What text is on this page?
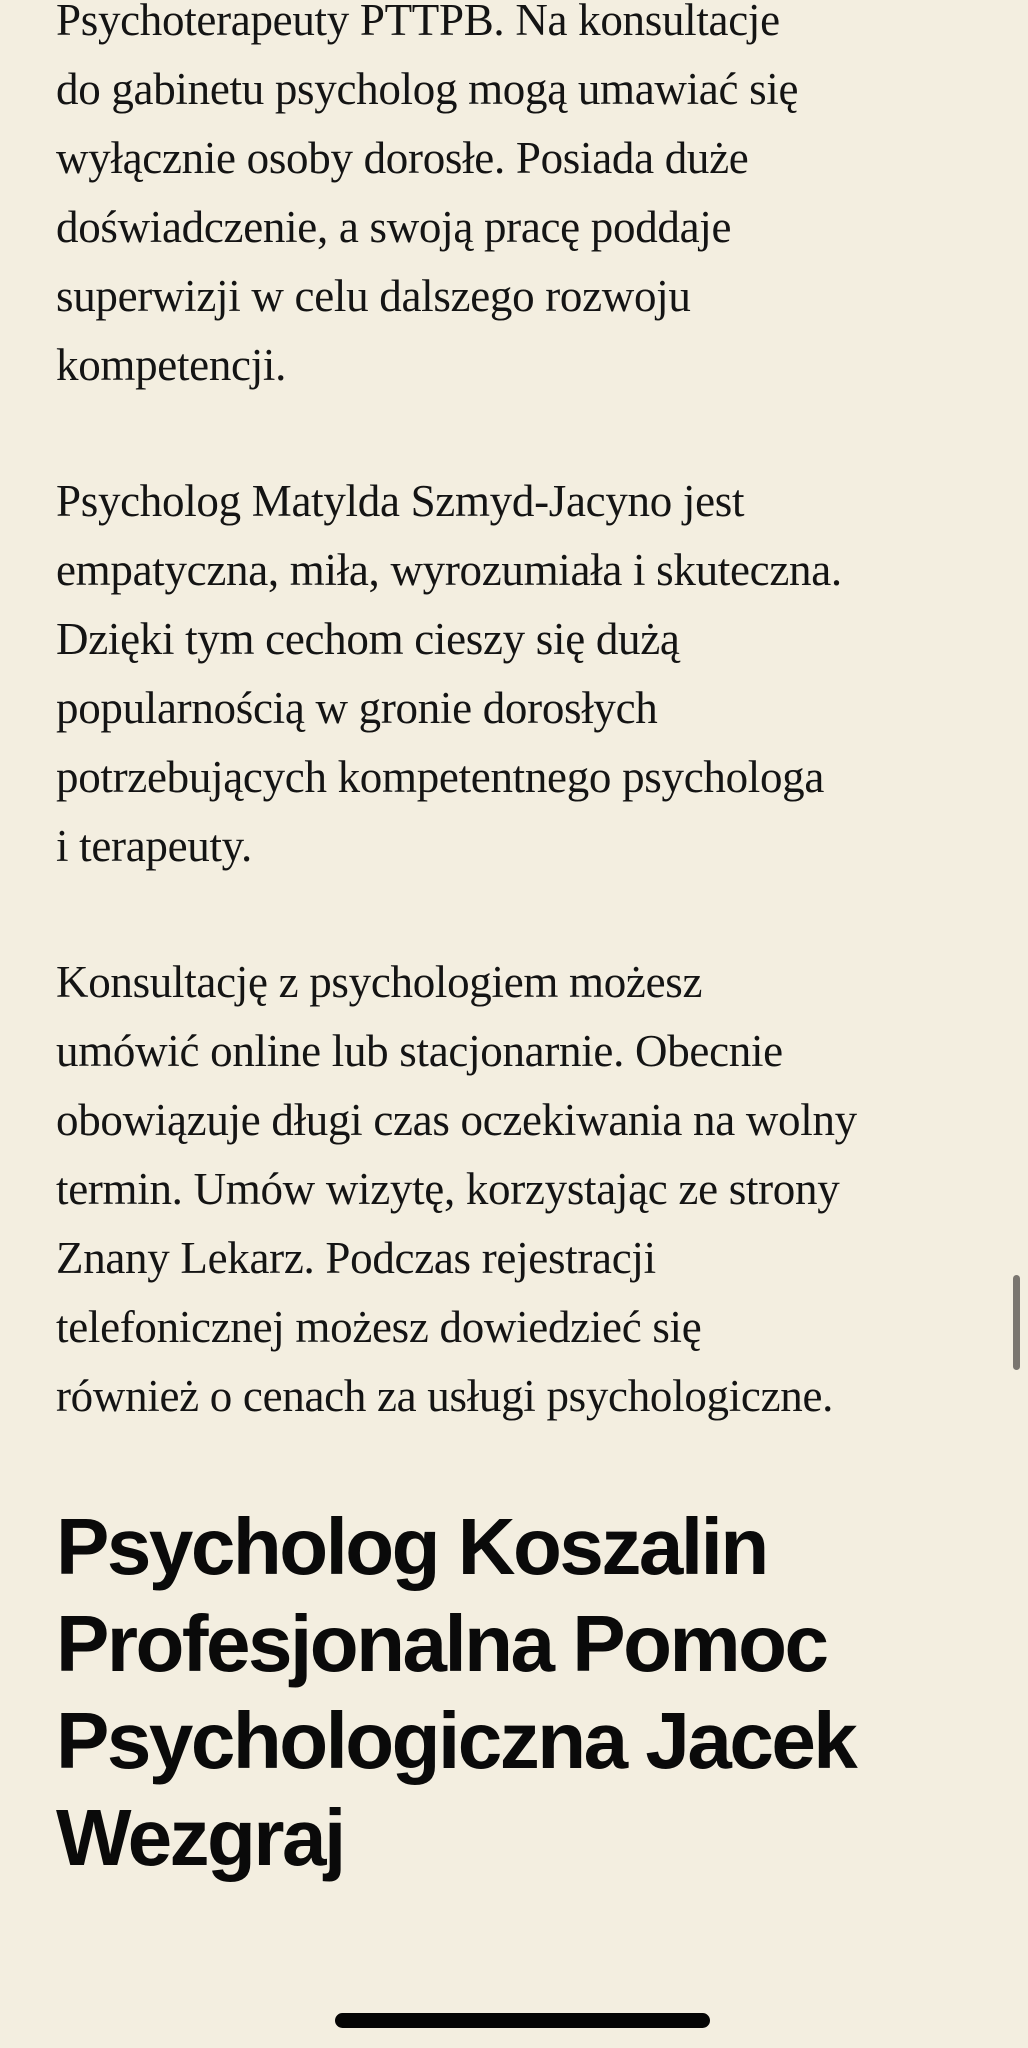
Psychoterapeuty PTTPB. Na konsultacje
do gabinetu psycholog mogą umawiać się
wyłącznie osoby dorosłe. Posiada duże
doświadczenie, a swoją pracę poddaje
superwizji w celu dalszego rozwoju
kompetencji.

Psycholog Matylda Szmyd-Jacyno jest
empatyczna, miła, wyrozumiała i skuteczna.
Dzięki tym cechom cieszy się dużą
popularnością w gronie dorosłych
potrzebujących kompetentnego psychologa
i terapeuty.

Konsultację z psychologiem możesz
umówić online lub stacjonarnie. Obecnie
obowiązuje długi czas oczekiwania na wolny
termin. Umów wizytę, korzystając ze strony
Znany Lekarz. Podczas rejestracji
telefonicznej możesz dowiedzieć się
również o cenach za usługi psychologiczne.

Psycholog Koszalin
Profesjonalna Pomoc
Psychologiczna Jacek
Wezgraj
